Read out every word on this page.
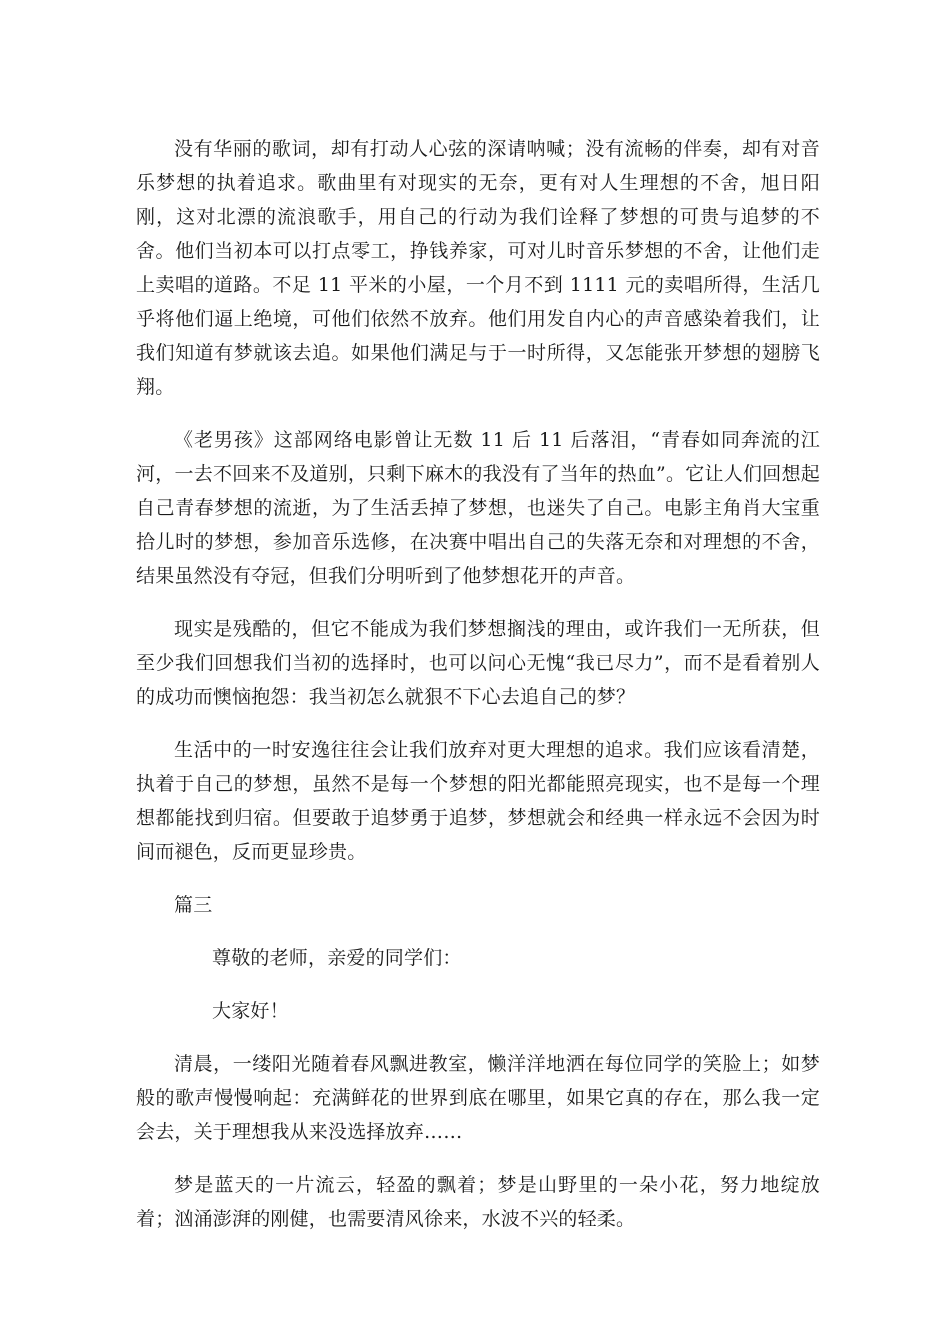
没有华丽的歌词，却有打动人心弦的深请呐喊；没有流畅的伴奏，却有对音乐梦想的执着追求。歌曲里有对现实的无奈，更有对人生理想的不舍，旭日阳刚，这对北漂的流浪歌手，用自己的行动为我们诠释了梦想的可贵与追梦的不舍。他们当初本可以打点零工，挣钱养家，可对儿时音乐梦想的不舍，让他们走上卖唱的道路。不足 11 平米的小屋，一个月不到 1111 元的卖唱所得，生活几乎将他们逼上绝境，可他们依然不放弃。他们用发自内心的声音感染着我们，让我们知道有梦就该去追。如果他们满足与于一时所得，又怎能张开梦想的翅膀飞翔。

《老男孩》这部网络电影曾让无数 11 后 11 后落泪，“青春如同奔流的江河，一去不回来不及道别，只剩下麻木的我没有了当年的热血”。它让人们回想起自己青春梦想的流逝，为了生活丢掉了梦想，也迷失了自己。电影主角肖大宝重拾儿时的梦想，参加音乐选修，在决赛中唱出自己的失落无奈和对理想的不舍，结果虽然没有夺冠，但我们分明听到了他梦想花开的声音。

现实是残酷的，但它不能成为我们梦想搁浅的理由，或许我们一无所获，但至少我们回想我们当初的选择时，也可以问心无愧“我已尽力”，而不是看着别人的成功而懊恼抱怨：我当初怎么就狠不下心去追自己的梦？

生活中的一时安逸往往会让我们放弃对更大理想的追求。我们应该看清楚，执着于自己的梦想，虽然不是每一个梦想的阳光都能照亮现实，也不是每一个理想都能找到归宿。但要敢于追梦勇于追梦，梦想就会和经典一样永远不会因为时间而褪色，反而更显珍贵。

篇三

尊敬的老师，亲爱的同学们：

大家好！

清晨，一缕阳光随着春风飘进教室，懒洋洋地洒在每位同学的笑脸上；如梦般的歌声慢慢响起：充满鲜花的世界到底在哪里，如果它真的存在，那么我一定会去，关于理想我从来没选择放弃……

梦是蓝天的一片流云，轻盈的飘着；梦是山野里的一朵小花，努力地绽放着；汹涌澎湃的刚健，也需要清风徐来，水波不兴的轻柔。
